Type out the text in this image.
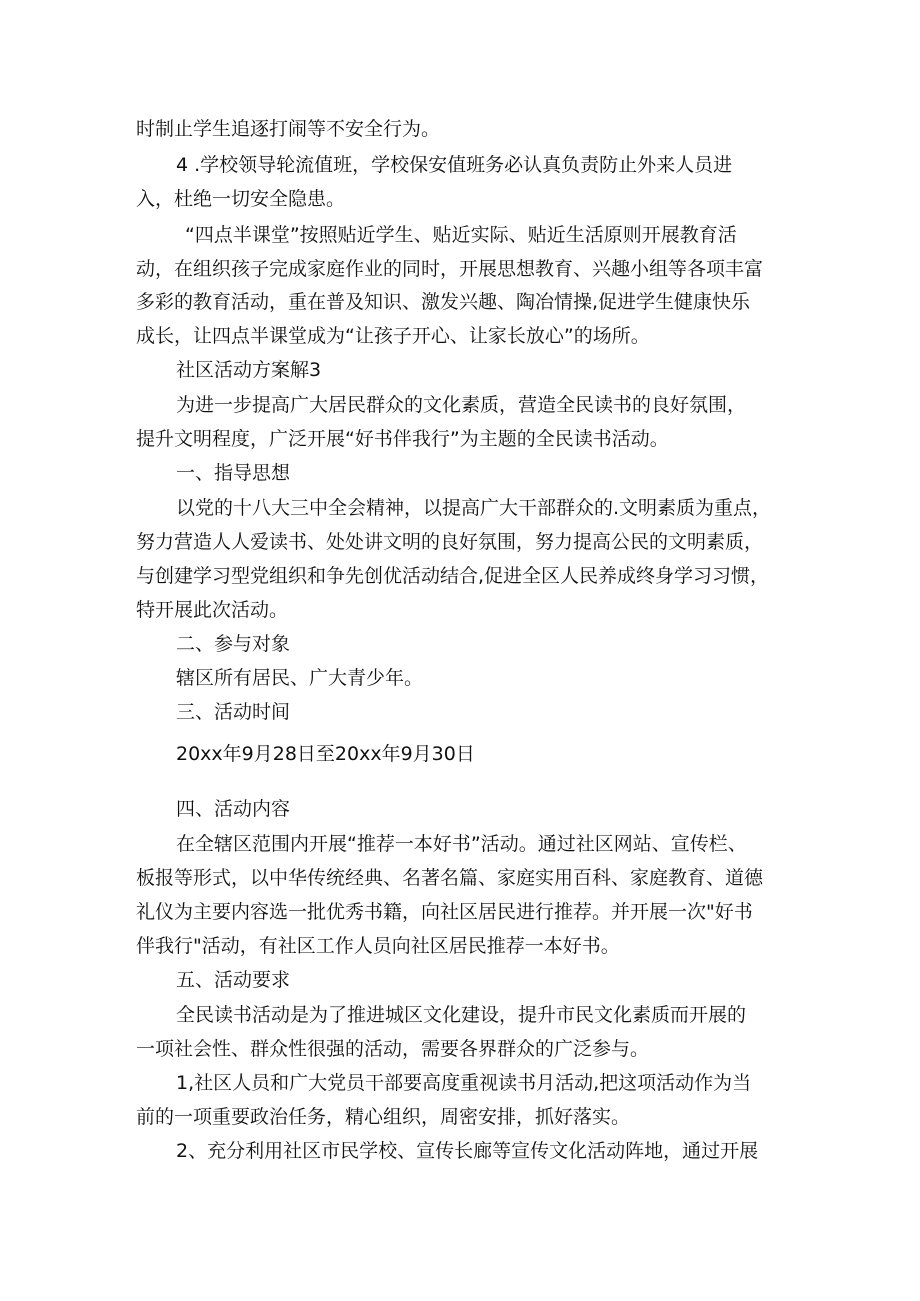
时制止学生追逐打闹等不安全行为。

4 .学校领导轮流值班，学校保安值班务必认真负责防止外来人员进

入，杜绝一切安全隐患。

“四点半课堂”按照贴近学生、贴近实际、贴近生活原则开展教育活

动，在组织孩子完成家庭作业的同时，开展思想教育、兴趣小组等各项丰富

多彩的教育活动，重在普及知识、激发兴趣、陶冶情操,促进学生健康快乐

成长，让四点半课堂成为“让孩子开心、让家长放心”的场所。

社区活动方案解3

为进一步提高广大居民群众的文化素质，营造全民读书的良好氛围，

提升文明程度，广泛开展“好书伴我行”为主题的全民读书活动。

一、指导思想

以党的十八大三中全会精神，以提高广大干部群众的.文明素质为重点，

努力营造人人爱读书、处处讲文明的良好氛围，努力提高公民的文明素质，

与创建学习型党组织和争先创优活动结合,促进全区人民养成终身学习习惯，

特开展此次活动。

二、参与对象

辖区所有居民、广大青少年。

三、活动时间

20xx年9月28日至20xx年9月30日

四、活动内容

在全辖区范围内开展“推荐一本好书”活动。通过社区网站、宣传栏、

板报等形式，以中华传统经典、名著名篇、家庭实用百科、家庭教育、道德

礼仪为主要内容选一批优秀书籍，向社区居民进行推荐。并开展一次"好书

伴我行"活动，有社区工作人员向社区居民推荐一本好书。

五、活动要求

全民读书活动是为了推进城区文化建设，提升市民文化素质而开展的

一项社会性、群众性很强的活动，需要各界群众的广泛参与。

1,社区人员和广大党员干部要高度重视读书月活动,把这项活动作为当

前的一项重要政治任务，精心组织，周密安排，抓好落实。

2、充分利用社区市民学校、宣传长廊等宣传文化活动阵地，通过开展
